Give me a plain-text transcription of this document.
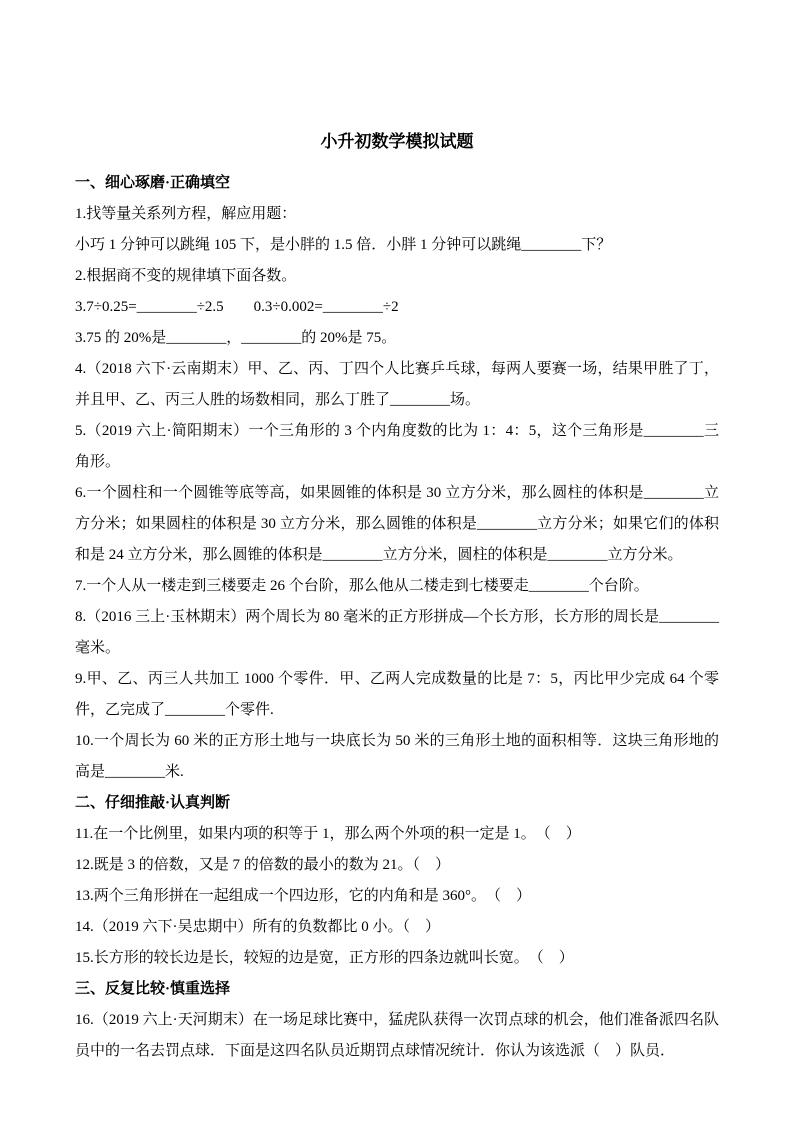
小升初数学模拟试题

一、细心琢磨·正确填空

1.找等量关系列方程，解应用题：

小巧 1 分钟可以跳绳 105 下，是小胖的 1.5 倍．小胖 1 分钟可以跳绳________下？

2.根据商不变的规律填下面各数。

3.7÷0.25=________÷2.5　　0.3÷0.002=________÷2

3.75 的 20%是________，________的 20%是 75。

4.（2018 六下·云南期末）甲、乙、丙、丁四个人比赛乒乓球，每两人要赛一场，结果甲胜了丁，并且甲、乙、丙三人胜的场数相同，那么丁胜了________场。

5.（2019 六上·简阳期末）一个三角形的 3 个内角度数的比为 1：4：5，这个三角形是________三角形。

6.一个圆柱和一个圆锥等底等高，如果圆锥的体积是 30 立方分米，那么圆柱的体积是________立方分米；如果圆柱的体积是 30 立方分米，那么圆锥的体积是________立方分米；如果它们的体积和是 24 立方分米，那么圆锥的体积是________立方分米，圆柱的体积是________立方分米。

7.一个人从一楼走到三楼要走 26 个台阶，那么他从二楼走到七楼要走________个台阶。

8.（2016 三上·玉林期末）两个周长为 80 毫米的正方形拼成—个长方形，长方形的周长是________毫米。

9.甲、乙、丙三人共加工 1000 个零件．甲、乙两人完成数量的比是 7：5，丙比甲少完成 64 个零件，乙完成了________个零件.

10.一个周长为 60 米的正方形土地与一块底长为 50 米的三角形土地的面积相等．这块三角形地的高是________米.

二、仔细推敲·认真判断

11.在一个比例里，如果内项的积等于 1，那么两个外项的积一定是 1。　（　）

12.既是 3 的倍数，又是 7 的倍数的最小的数为 21。（　）

13.两个三角形拼在一起组成一个四边形，它的内角和是 360°。　（　）

14.（2019 六下·吴忠期中）所有的负数都比 0 小。（　）

15.长方形的较长边是长，较短的边是宽，正方形的四条边就叫长宽。　（　）

三、反复比较·慎重选择

16.（2019 六上·天河期末）在一场足球比赛中，猛虎队获得一次罚点球的机会，他们准备派四名队员中的一名去罚点球．下面是这四名队员近期罚点球情况统计．你认为该选派（　）队员．
